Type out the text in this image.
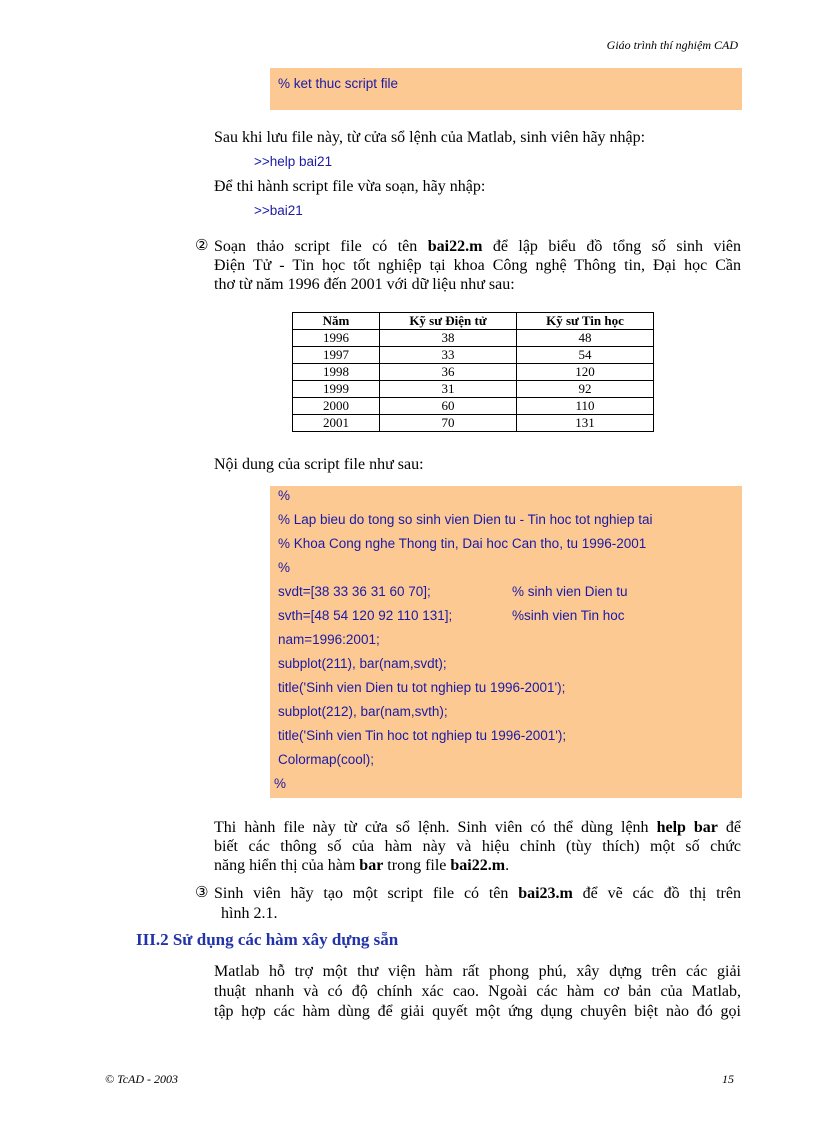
Giáo trình thí nghiệm CAD
% ket thuc script file
Sau khi lưu file này, từ cửa sổ lệnh của Matlab, sinh viên hãy nhập:
>>help bai21
Để thi hành script file vừa soạn, hãy nhập:
>>bai21
② Soạn thảo script file có tên bai22.m để lập biểu đồ tổng số sinh viên
Điện Tử - Tin học tốt nghiệp tại khoa Công nghệ Thông tin, Đại học Cần
thơ từ năm 1996 đến 2001 với dữ liệu như sau:
Năm	Kỹ sư Điện tử	Kỹ sư Tin học
1996	38	48
1997	33	54
1998	36	120
1999	31	92
2000	60	110
2001	70	131
Nội dung của script file như sau:
%
% Lap bieu do tong so sinh vien Dien tu - Tin hoc tot nghiep tai
% Khoa Cong nghe Thong tin, Dai hoc Can tho, tu 1996-2001
%
svdt=[38 33 36 31 60 70];	% sinh vien Dien tu
svth=[48 54 120 92 110 131];	%sinh vien Tin hoc
nam=1996:2001;
subplot(211), bar(nam,svdt);
title('Sinh vien Dien tu tot nghiep tu 1996-2001');
subplot(212), bar(nam,svth);
title('Sinh vien Tin hoc tot nghiep tu 1996-2001');
Colormap(cool);
%
Thi hành file này từ cửa sổ lệnh. Sinh viên có thể dùng lệnh help bar để
biết các thông số của hàm này và hiệu chỉnh (tùy thích) một số chức
năng hiển thị của hàm bar trong file bai22.m.
③ Sinh viên hãy tạo một script file có tên bai23.m để vẽ các đồ thị trên
hình 2.1.
III.2 Sử dụng các hàm xây dựng sẵn
Matlab hỗ trợ một thư viện hàm rất phong phú, xây dựng trên các giải
thuật nhanh và có độ chính xác cao. Ngoài các hàm cơ bản của Matlab,
tập hợp các hàm dùng để giải quyết một ứng dụng chuyên biệt nào đó gọi
© TcAD - 2003	15
